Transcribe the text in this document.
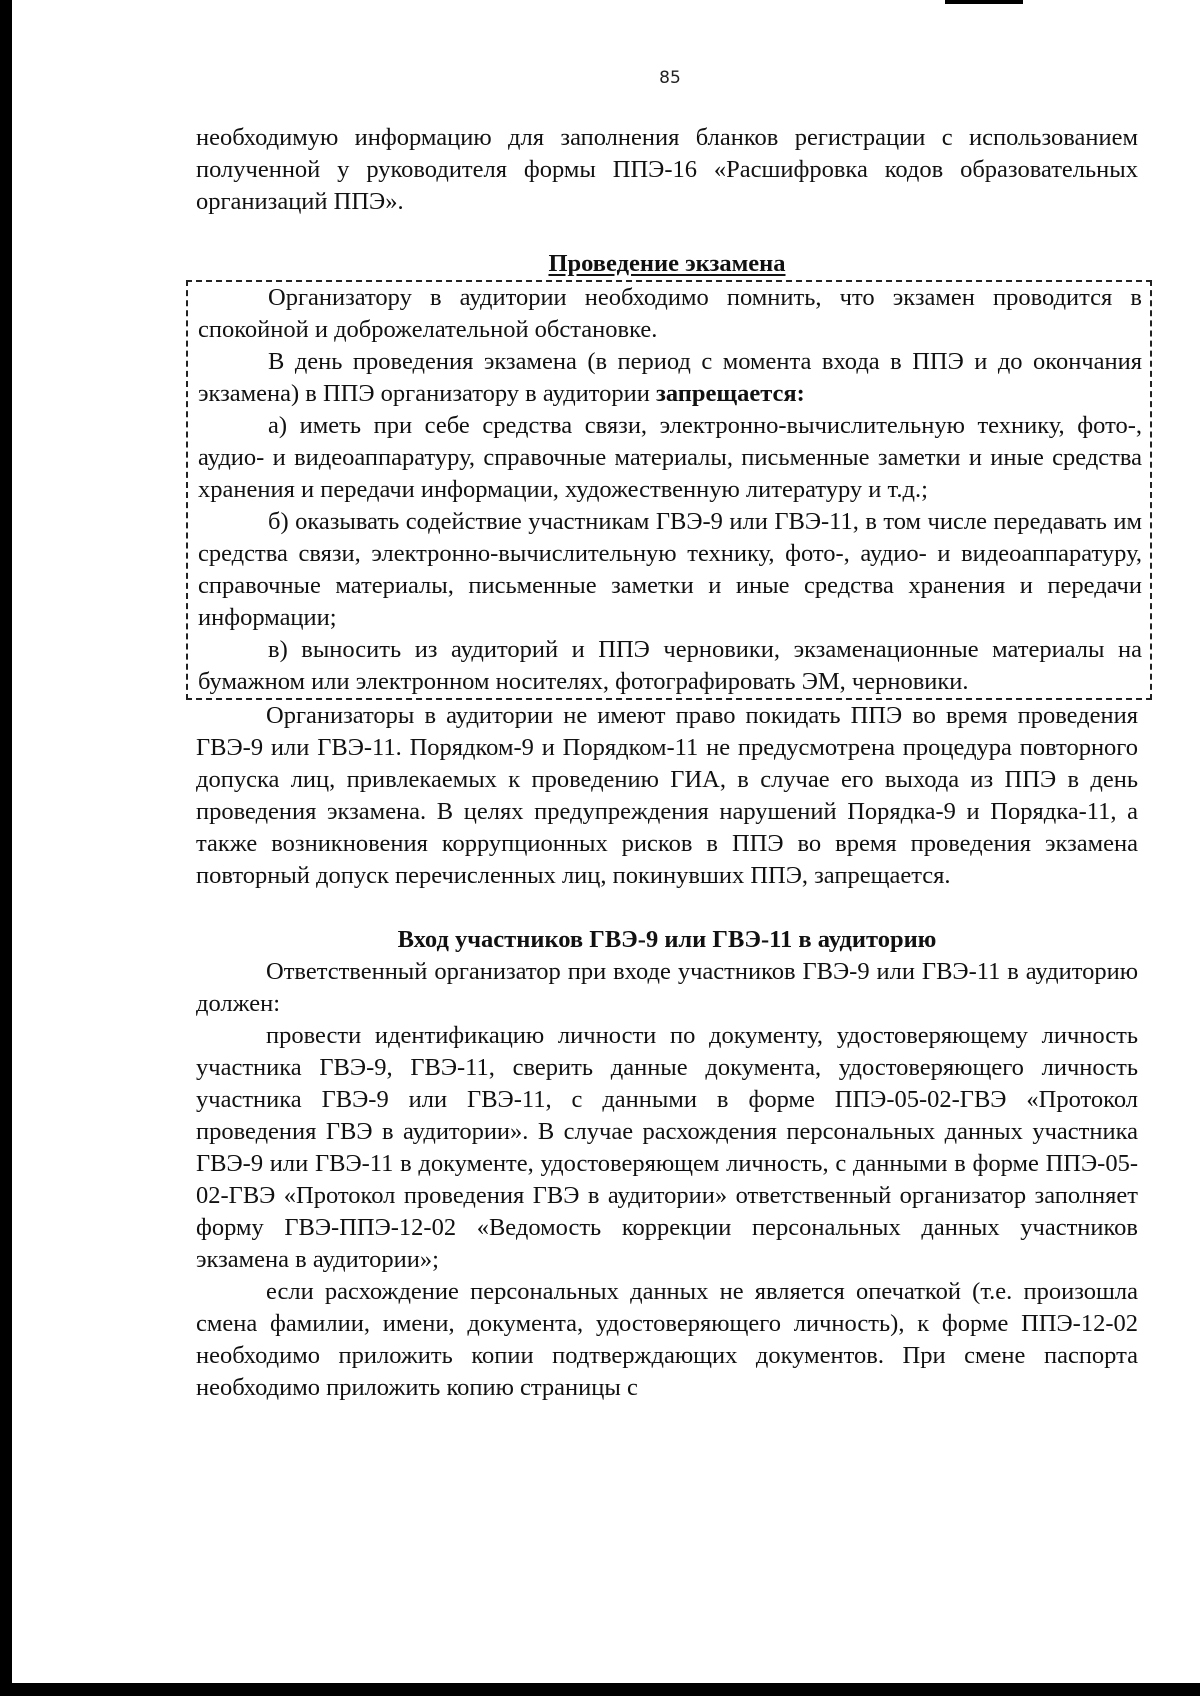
85

необходимую информацию для заполнения бланков регистрации с использованием полученной у руководителя формы ППЭ-16 «Расшифровка кодов образовательных организаций ППЭ».

Проведение экзамена

Организатору в аудитории необходимо помнить, что экзамен проводится в спокойной и доброжелательной обстановке.

В день проведения экзамена (в период с момента входа в ППЭ и до окончания экзамена) в ППЭ организатору в аудитории запрещается:

а) иметь при себе средства связи, электронно-вычислительную технику, фото-, аудио- и видеоаппаратуру, справочные материалы, письменные заметки и иные средства хранения и передачи информации, художественную литературу и т.д.;

б) оказывать содействие участникам ГВЭ-9 или ГВЭ-11, в том числе передавать им средства связи, электронно-вычислительную технику, фото-, аудио- и видеоаппаратуру, справочные материалы, письменные заметки и иные средства хранения и передачи информации;

в) выносить из аудиторий и ППЭ черновики, экзаменационные материалы на бумажном или электронном носителях, фотографировать ЭМ, черновики.

Организаторы в аудитории не имеют право покидать ППЭ во время проведения ГВЭ-9 или ГВЭ-11. Порядком-9 и Порядком-11 не предусмотрена процедура повторного допуска лиц, привлекаемых к проведению ГИА, в случае его выхода из ППЭ в день проведения экзамена. В целях предупреждения нарушений Порядка-9 и Порядка-11, а также возникновения коррупционных рисков в ППЭ во время проведения экзамена повторный допуск перечисленных лиц, покинувших ППЭ, запрещается.

Вход участников ГВЭ-9 или ГВЭ-11 в аудиторию

Ответственный организатор при входе участников ГВЭ-9 или ГВЭ-11 в аудиторию должен:

провести идентификацию личности по документу, удостоверяющему личность участника ГВЭ-9, ГВЭ-11, сверить данные документа, удостоверяющего личность участника ГВЭ-9 или ГВЭ-11, с данными в форме ППЭ-05-02-ГВЭ «Протокол проведения ГВЭ в аудитории». В случае расхождения персональных данных участника ГВЭ-9 или ГВЭ-11 в документе, удостоверяющем личность, с данными в форме ППЭ-05-02-ГВЭ «Протокол проведения ГВЭ в аудитории» ответственный организатор заполняет форму ГВЭ-ППЭ-12-02 «Ведомость коррекции персональных данных участников экзамена в аудитории»;

если расхождение персональных данных не является опечаткой (т.е. произошла смена фамилии, имени, документа, удостоверяющего личность), к форме ППЭ-12-02 необходимо приложить копии подтверждающих документов. При смене паспорта необходимо приложить копию страницы с
